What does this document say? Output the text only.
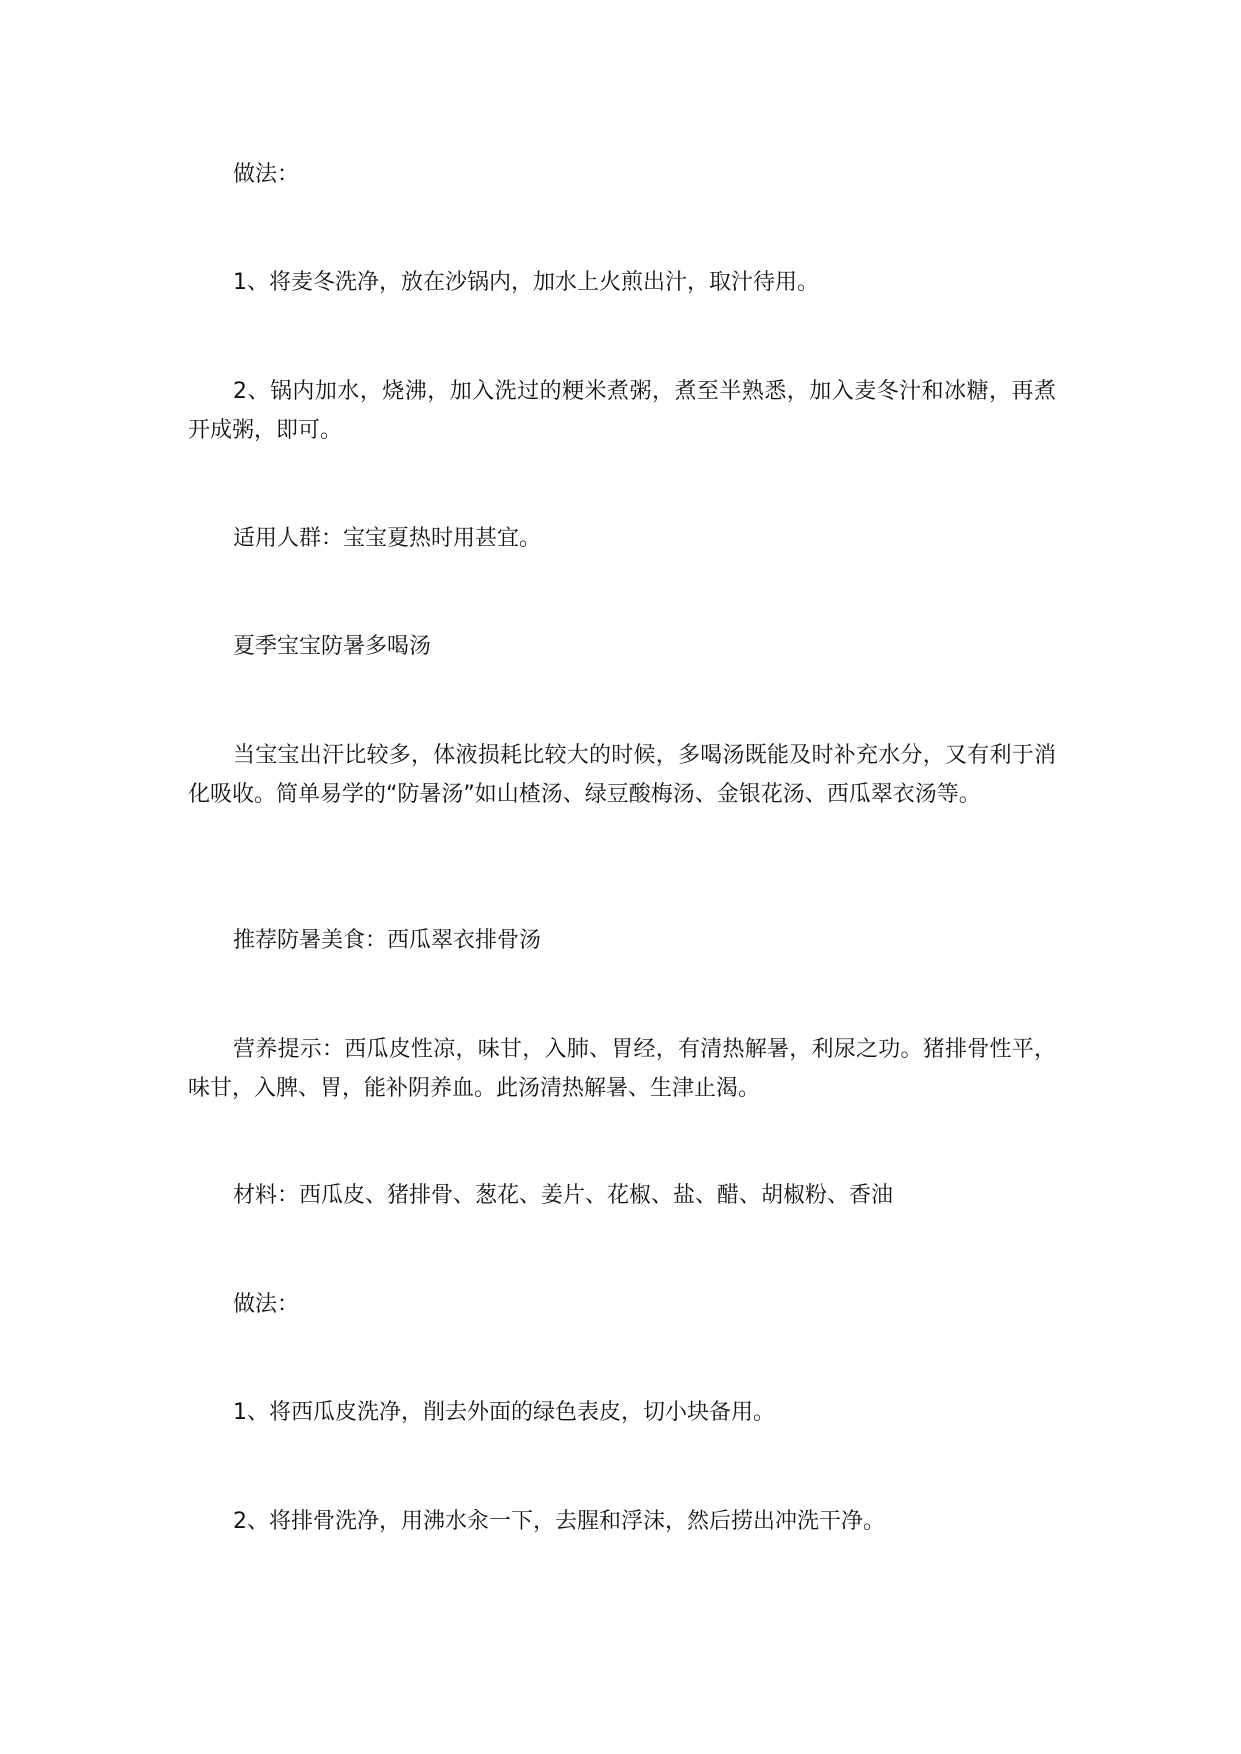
做法：

1、将麦冬洗净，放在沙锅内，加水上火煎出汁，取汁待用。

2、锅内加水，烧沸，加入洗过的粳米煮粥，煮至半熟悉，加入麦冬汁和冰糖，再煮开成粥，即可。

适用人群：宝宝夏热时用甚宜。

夏季宝宝防暑多喝汤

当宝宝出汗比较多，体液损耗比较大的时候，多喝汤既能及时补充水分，又有利于消化吸收。简单易学的“防暑汤”如山楂汤、绿豆酸梅汤、金银花汤、西瓜翠衣汤等。

推荐防暑美食：西瓜翠衣排骨汤

营养提示：西瓜皮性凉，味甘，入肺、胃经，有清热解暑，利尿之功。猪排骨性平，味甘，入脾、胃，能补阴养血。此汤清热解暑、生津止渴。

材料：西瓜皮、猪排骨、葱花、姜片、花椒、盐、醋、胡椒粉、香油

做法：

1、将西瓜皮洗净，削去外面的绿色表皮，切小块备用。

2、将排骨洗净，用沸水汆一下，去腥和浮沫，然后捞出冲洗干净。
